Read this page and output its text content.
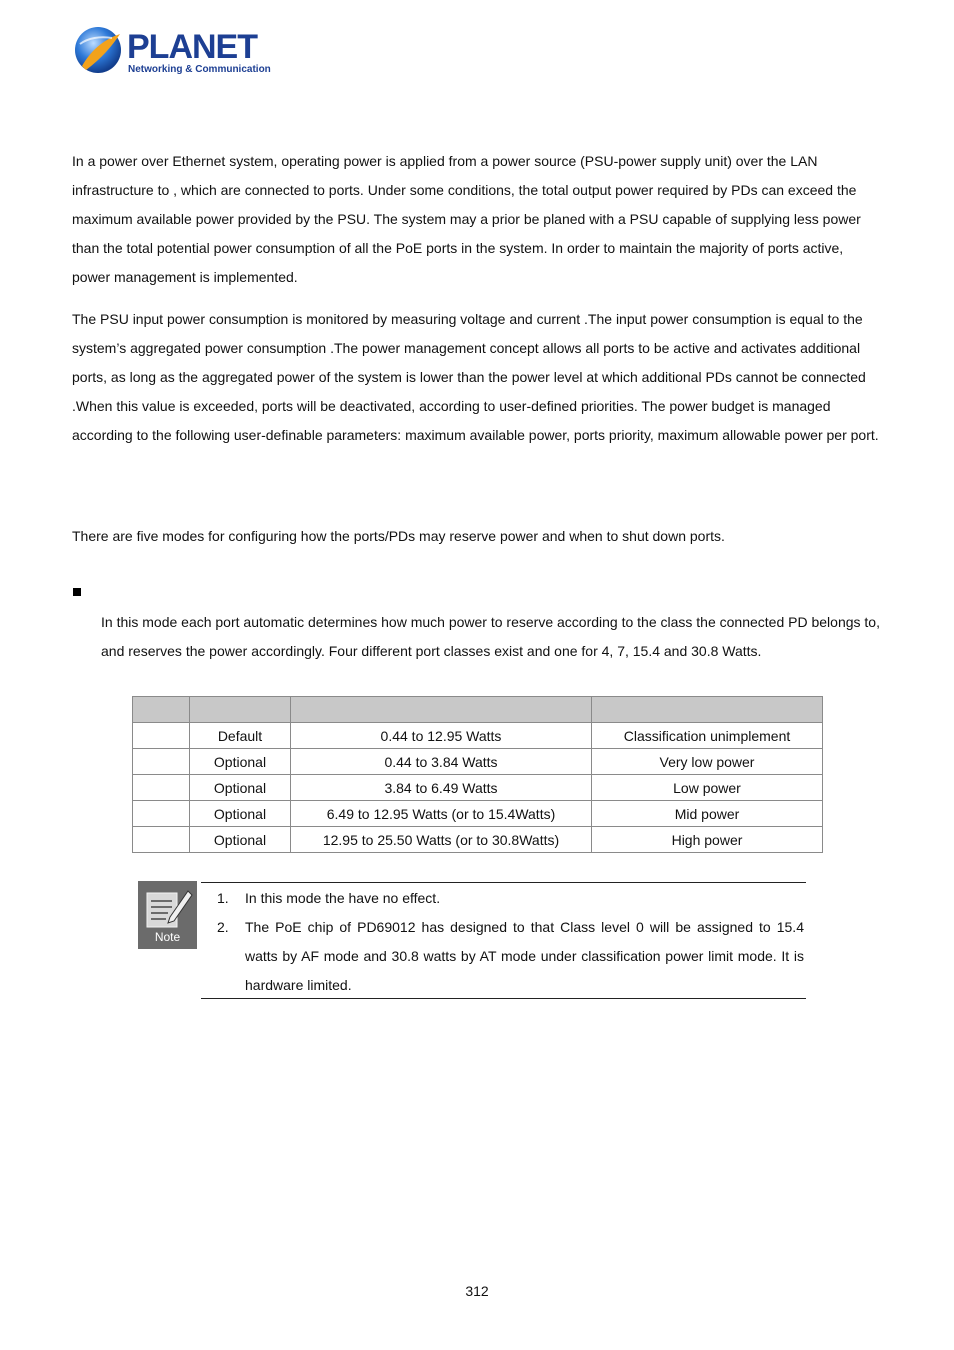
PLANET
Networking & Communication

In a power over Ethernet system, operating power is applied from a power source (PSU-power supply unit) over the LAN infrastructure to , which are connected to ports. Under some conditions, the total output power required by PDs can exceed the maximum available power provided by the PSU. The system may a prior be planed with a PSU capable of supplying less power than the total potential power consumption of all the PoE ports in the system. In order to maintain the majority of ports active, power management is implemented.

The PSU input power consumption is monitored by measuring voltage and current .The input power consumption is equal to the system’s aggregated power consumption .The power management concept allows all ports to be active and activates additional ports, as long as the aggregated power of the system is lower than the power level at which additional PDs cannot be connected .When this value is exceeded, ports will be deactivated, according to user-defined priorities. The power budget is managed according to the following user-definable parameters: maximum available power, ports priority, maximum allowable power per port.

There are five modes for configuring how the ports/PDs may reserve power and when to shut down ports.

In this mode each port automatic determines how much power to reserve according to the class the connected PD belongs to, and reserves the power accordingly. Four different port classes exist and one for 4, 7, 15.4 and 30.8 Watts.

	Default	0.44 to 12.95 Watts	Classification unimplement
	Optional	0.44 to 3.84 Watts	Very low power
	Optional	3.84 to 6.49 Watts	Low power
	Optional	6.49 to 12.95 Watts (or to 15.4Watts)	Mid power
	Optional	12.95 to 25.50 Watts (or to 30.8Watts)	High power
Note
1. In this mode the have no effect.
2. The PoE chip of PD69012 has designed to that Class level 0 will be assigned to 15.4 watts by AF mode and 30.8 watts by AT mode under classification power limit mode. It is hardware limited.
312
